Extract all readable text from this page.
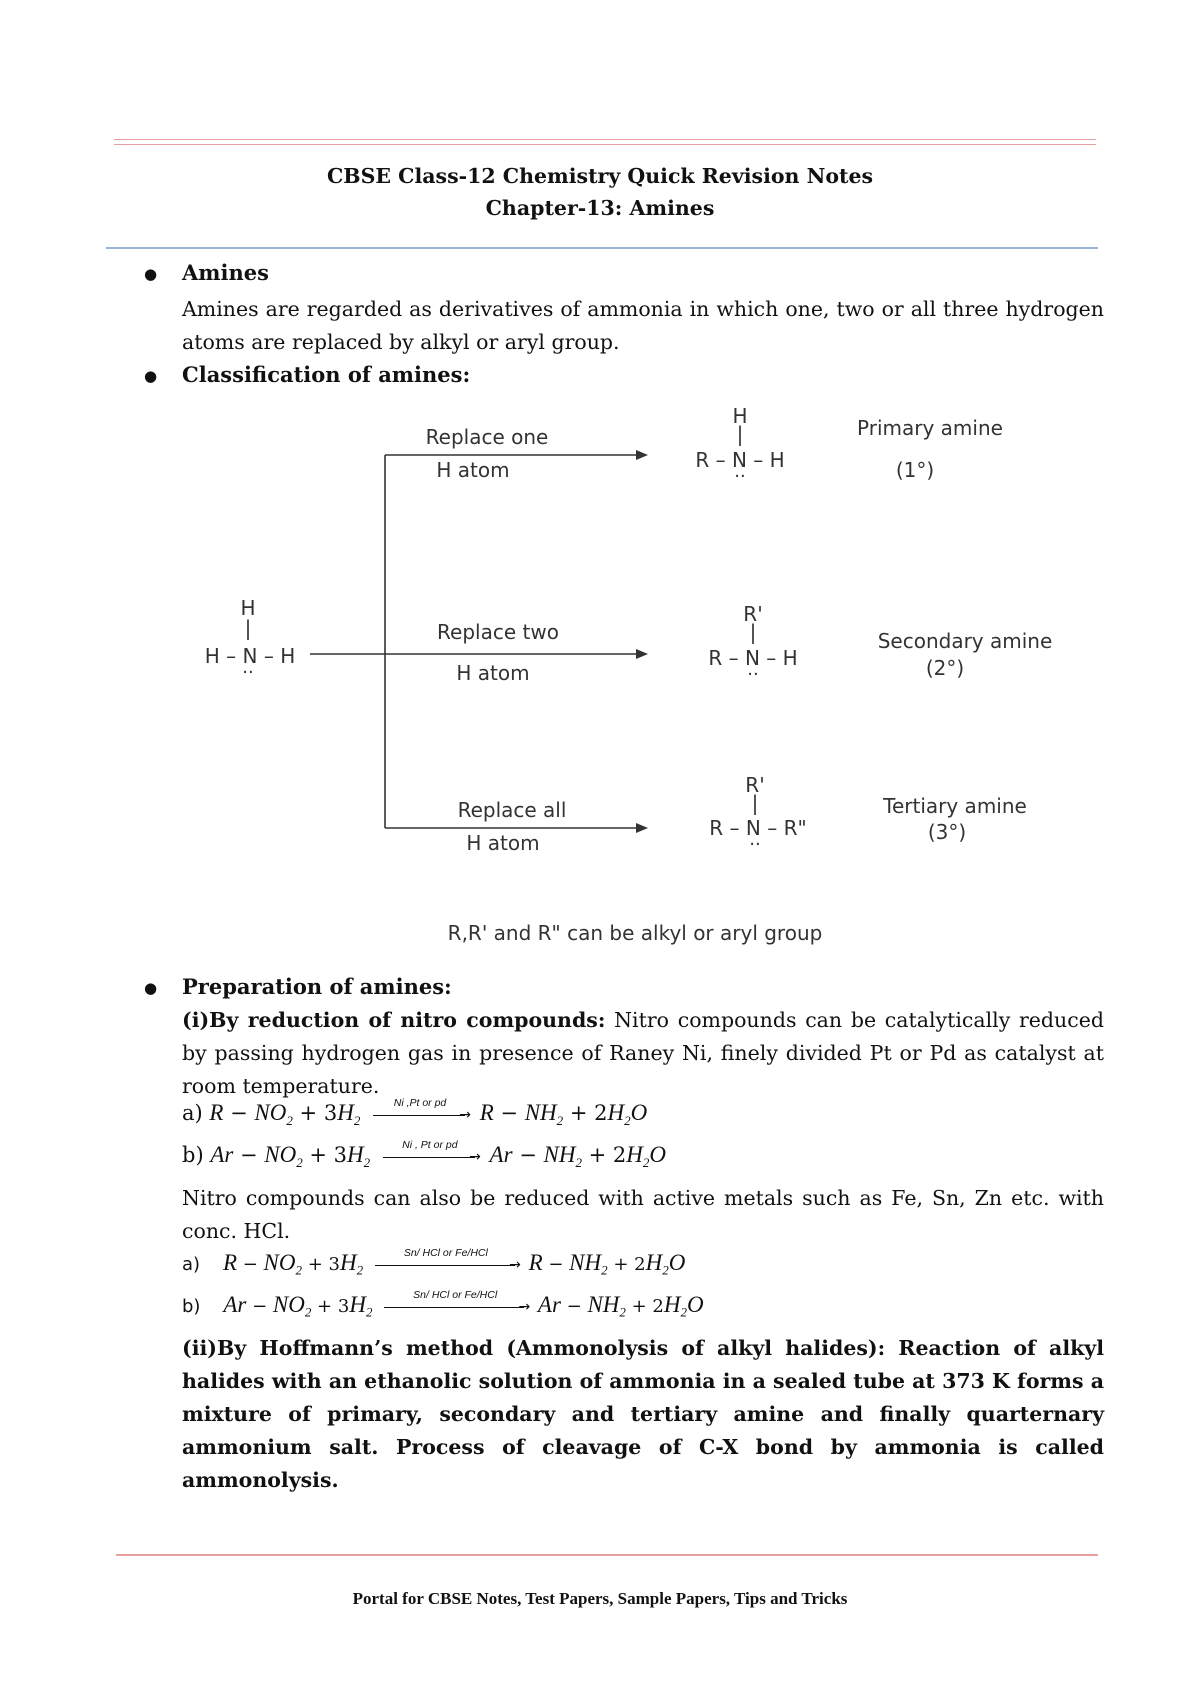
CBSE Class-12 Chemistry Quick Revision Notes
Chapter-13: Amines
● Amines
Amines are regarded as derivatives of ammonia in which one, two or all three hydrogen atoms are replaced by alkyl or aryl group.
● Classification of amines:
H
|
H – N – H
··
Replace one
H atom
Replace two
H atom
Replace all
H atom
H
|
R – N – H
··
Primary amine
(1°)
R'
|
R – N – H
··
Secondary amine
(2°)
R'
|
R – N – R"
··
Tertiary amine
(3°)
R,R' and R" can be alkyl or aryl group
● Preparation of amines:
(i)By reduction of nitro compounds: Nitro compounds can be catalytically reduced by passing hydrogen gas in presence of Raney Ni, finely divided Pt or Pd as catalyst at room temperature.
a) $R - NO_2 + 3H_2$
Ni ,Pt or pd
→ $R - NH_2 + 2H_2O$
b) $Ar - NO_2 + 3H_2$
Ni , Pt or pd
→ $Ar - NH_2 + 2H_2O$
Nitro compounds can also be reduced with active metals such as Fe, Sn, Zn etc. with conc. HCl.
a) $R - NO_2 + 3H_2$
Sn/ HCl or Fe/HCl
→ $R - NH_2 + 2H_2O$
b) $Ar - NO_2 + 3H_2$
Sn/ HCl or Fe/HCl
→ $Ar - NH_2 + 2H_2O$
(ii)By Hoffmann’s method (Ammonolysis of alkyl halides): Reaction of alkyl halides with an ethanolic solution of ammonia in a sealed tube at 373 K forms a mixture of primary, secondary and tertiary amine and finally quarternary ammonium salt. Process of cleavage of C-X bond by ammonia is called ammonolysis.
Portal for CBSE Notes, Test Papers, Sample Papers, Tips and Tricks
